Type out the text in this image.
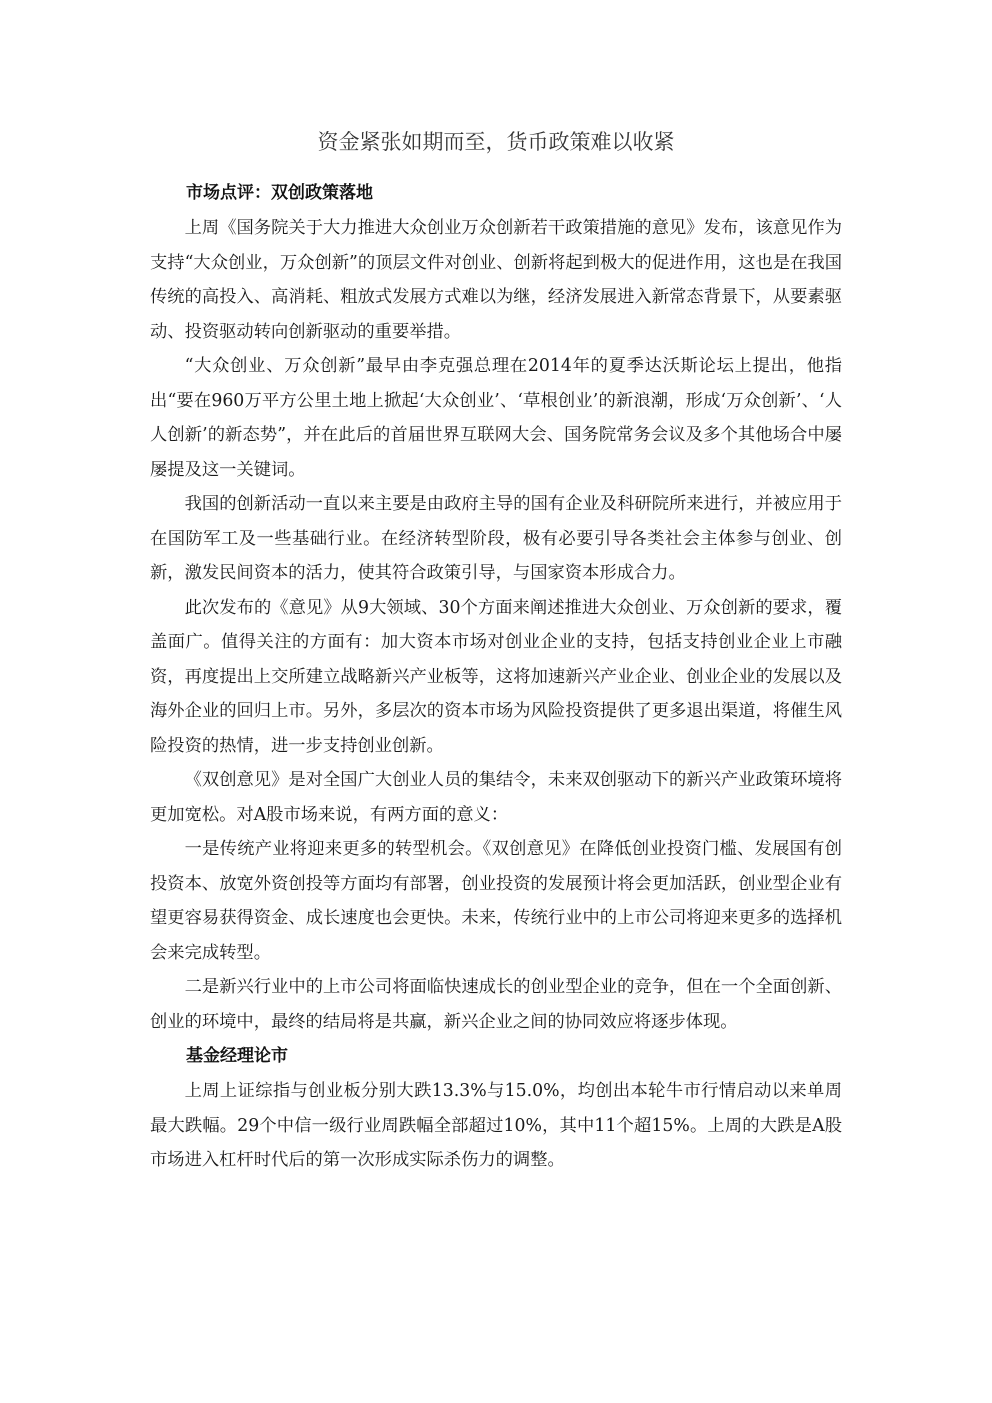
资金紧张如期而至，货币政策难以收紧
市场点评：双创政策落地

上周《国务院关于大力推进大众创业万众创新若干政策措施的意见》发布，该意见作为支持“大众创业，万众创新”的顶层文件对创业、创新将起到极大的促进作用，这也是在我国传统的高投入、高消耗、粗放式发展方式难以为继，经济发展进入新常态背景下，从要素驱动、投资驱动转向创新驱动的重要举措。

“大众创业、万众创新”最早由李克强总理在2014年的夏季达沃斯论坛上提出，他指出“要在960万平方公里土地上掀起‘大众创业’、‘草根创业’的新浪潮，形成‘万众创新’、‘人人创新’的新态势”，并在此后的首届世界互联网大会、国务院常务会议及多个其他场合中屡屡提及这一关键词。

我国的创新活动一直以来主要是由政府主导的国有企业及科研院所来进行，并被应用于在国防军工及一些基础行业。在经济转型阶段，极有必要引导各类社会主体参与创业、创新，激发民间资本的活力，使其符合政策引导，与国家资本形成合力。

此次发布的《意见》从9大领域、30个方面来阐述推进大众创业、万众创新的要求，覆盖面广。值得关注的方面有：加大资本市场对创业企业的支持，包括支持创业企业上市融资，再度提出上交所建立战略新兴产业板等，这将加速新兴产业企业、创业企业的发展以及海外企业的回归上市。另外，多层次的资本市场为风险投资提供了更多退出渠道，将催生风险投资的热情，进一步支持创业创新。

《双创意见》是对全国广大创业人员的集结令，未来双创驱动下的新兴产业政策环境将更加宽松。对A股市场来说，有两方面的意义：

一是传统产业将迎来更多的转型机会。《双创意见》在降低创业投资门槛、发展国有创投资本、放宽外资创投等方面均有部署，创业投资的发展预计将会更加活跃，创业型企业有望更容易获得资金、成长速度也会更快。未来，传统行业中的上市公司将迎来更多的选择机会来完成转型。

二是新兴行业中的上市公司将面临快速成长的创业型企业的竞争，但在一个全面创新、创业的环境中，最终的结局将是共赢，新兴企业之间的协同效应将逐步体现。

基金经理论市

上周上证综指与创业板分别大跌13.3%与15.0%，均创出本轮牛市行情启动以来单周最大跌幅。29个中信一级行业周跌幅全部超过10%，其中11个超15%。上周的大跌是A股市场进入杠杆时代后的第一次形成实际杀伤力的调整。
